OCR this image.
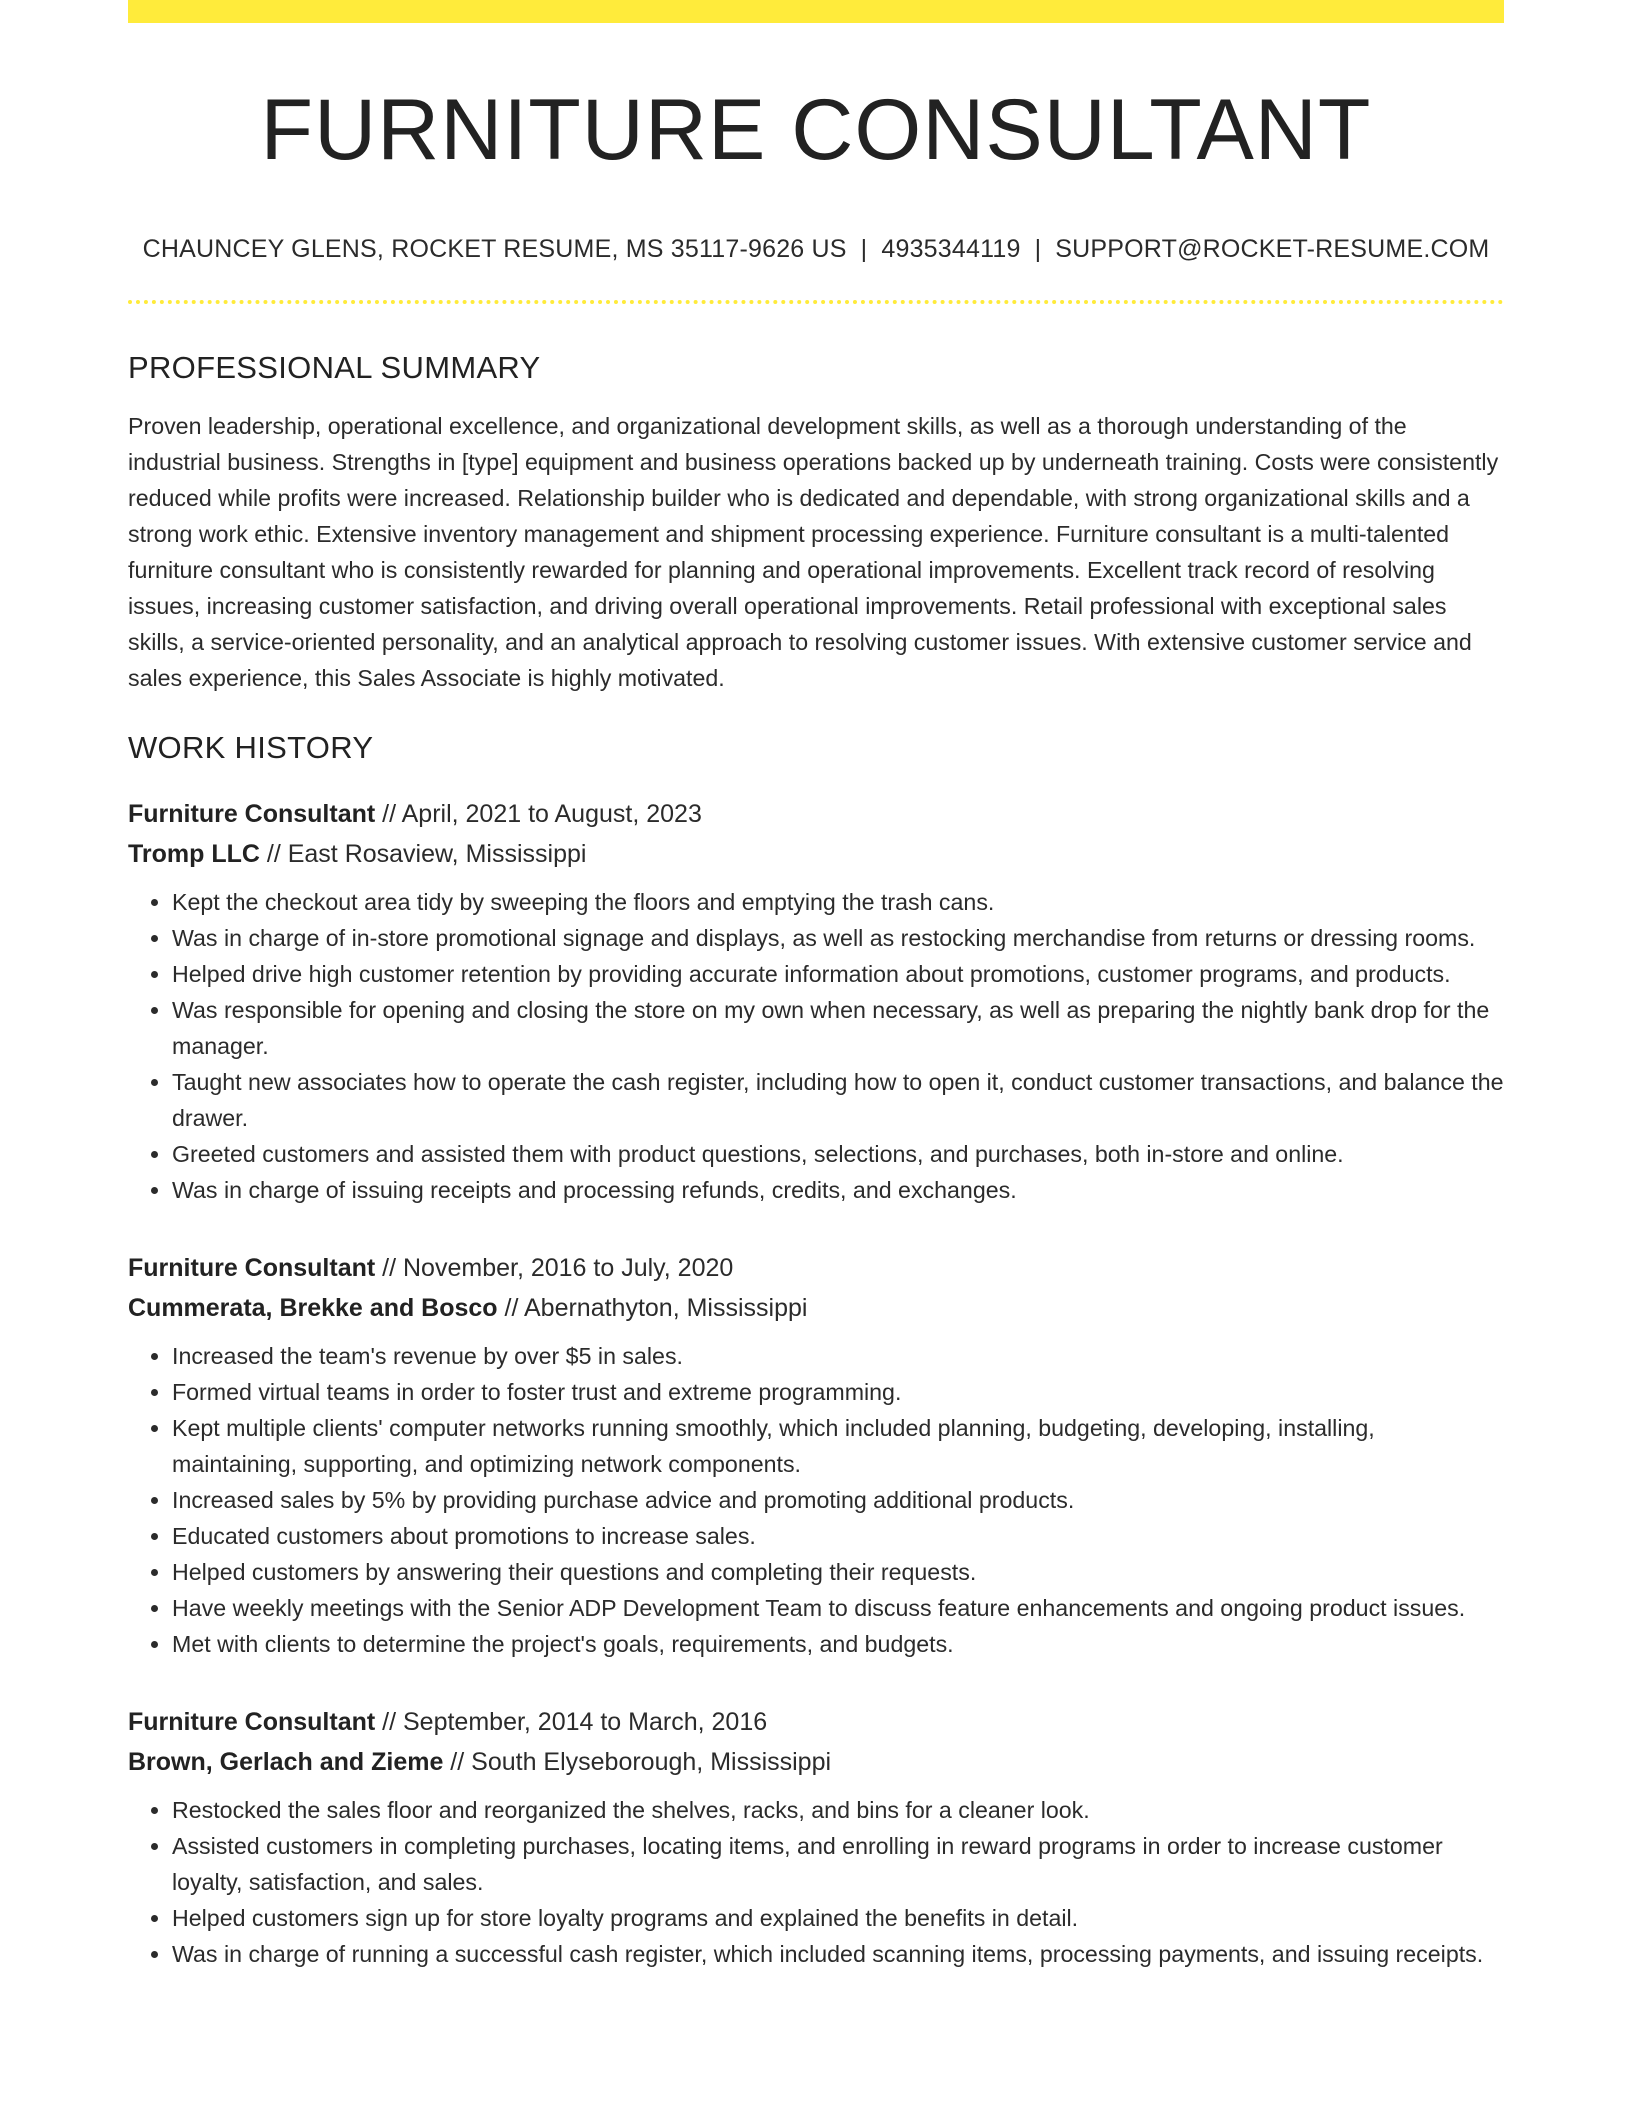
FURNITURE CONSULTANT
CHAUNCEY GLENS, ROCKET RESUME, MS 35117-9626 US | 4935344119 | SUPPORT@ROCKET-RESUME.COM
PROFESSIONAL SUMMARY

Proven leadership, operational excellence, and organizational development skills, as well as a thorough understanding of the industrial business. Strengths in [type] equipment and business operations backed up by underneath training. Costs were consistently reduced while profits were increased. Relationship builder who is dedicated and dependable, with strong organizational skills and a strong work ethic. Extensive inventory management and shipment processing experience. Furniture consultant is a multi-talented furniture consultant who is consistently rewarded for planning and operational improvements. Excellent track record of resolving issues, increasing customer satisfaction, and driving overall operational improvements. Retail professional with exceptional sales skills, a service-oriented personality, and an analytical approach to resolving customer issues. With extensive customer service and sales experience, this Sales Associate is highly motivated.

WORK HISTORY
Furniture Consultant // April, 2021 to August, 2023
Tromp LLC // East Rosaview, Mississippi
• Kept the checkout area tidy by sweeping the floors and emptying the trash cans.
• Was in charge of in-store promotional signage and displays, as well as restocking merchandise from returns or dressing rooms.
• Helped drive high customer retention by providing accurate information about promotions, customer programs, and products.
• Was responsible for opening and closing the store on my own when necessary, as well as preparing the nightly bank drop for the manager.
• Taught new associates how to operate the cash register, including how to open it, conduct customer transactions, and balance the drawer.
• Greeted customers and assisted them with product questions, selections, and purchases, both in-store and online.
• Was in charge of issuing receipts and processing refunds, credits, and exchanges.
Furniture Consultant // November, 2016 to July, 2020
Cummerata, Brekke and Bosco // Abernathyton, Mississippi
• Increased the team's revenue by over $5 in sales.
• Formed virtual teams in order to foster trust and extreme programming.
• Kept multiple clients' computer networks running smoothly, which included planning, budgeting, developing, installing, maintaining, supporting, and optimizing network components.
• Increased sales by 5% by providing purchase advice and promoting additional products.
• Educated customers about promotions to increase sales.
• Helped customers by answering their questions and completing their requests.
• Have weekly meetings with the Senior ADP Development Team to discuss feature enhancements and ongoing product issues.
• Met with clients to determine the project's goals, requirements, and budgets.
Furniture Consultant // September, 2014 to March, 2016
Brown, Gerlach and Zieme // South Elyseborough, Mississippi
• Restocked the sales floor and reorganized the shelves, racks, and bins for a cleaner look.
• Assisted customers in completing purchases, locating items, and enrolling in reward programs in order to increase customer loyalty, satisfaction, and sales.
• Helped customers sign up for store loyalty programs and explained the benefits in detail.
• Was in charge of running a successful cash register, which included scanning items, processing payments, and issuing receipts.
